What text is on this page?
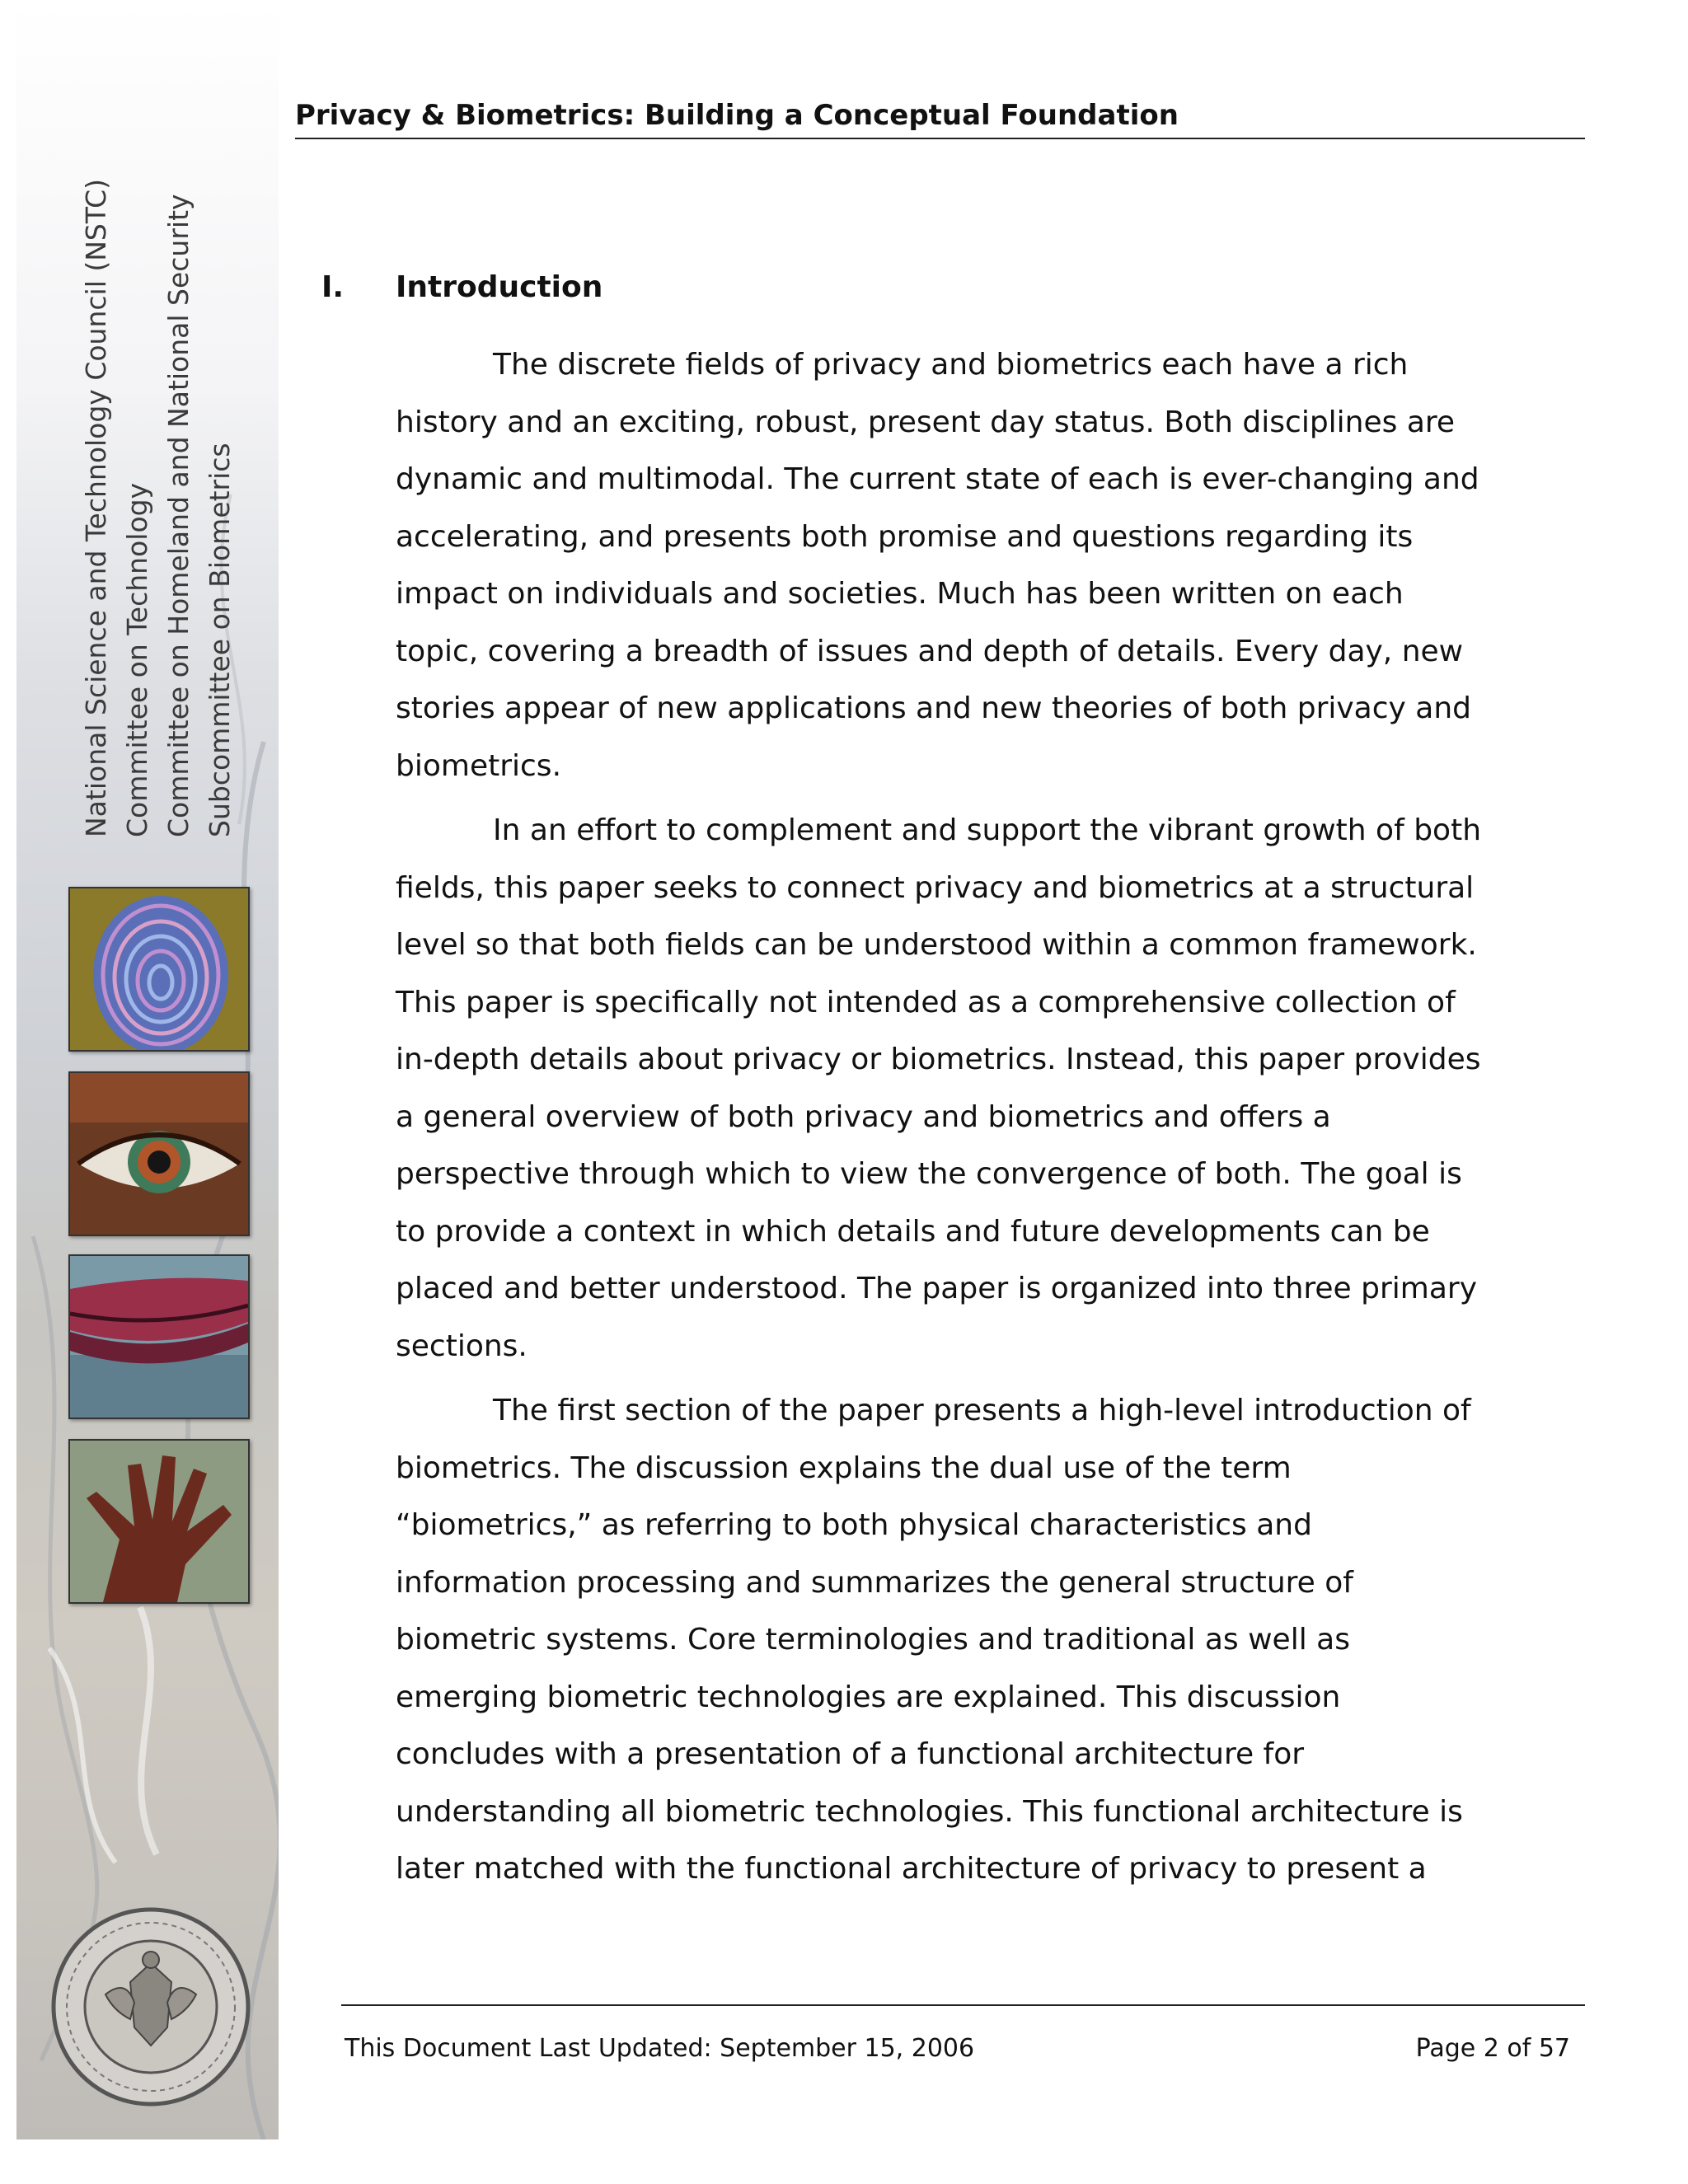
National Science and Technology Council (NSTC) Committee on Technology Committee on Homeland and National Security Subcommittee on Biometrics

Privacy & Biometrics: Building a Conceptual Foundation
I.	Introduction

The discrete fields of privacy and biometrics each have a rich history and an exciting, robust, present day status. Both disciplines are dynamic and multimodal. The current state of each is ever-changing and accelerating, and presents both promise and questions regarding its impact on individuals and societies. Much has been written on each topic, covering a breadth of issues and depth of details. Every day, new stories appear of new applications and new theories of both privacy and biometrics.

In an effort to complement and support the vibrant growth of both fields, this paper seeks to connect privacy and biometrics at a structural level so that both fields can be understood within a common framework. This paper is specifically not intended as a comprehensive collection of in-depth details about privacy or biometrics. Instead, this paper provides a general overview of both privacy and biometrics and offers a perspective through which to view the convergence of both. The goal is to provide a context in which details and future developments can be placed and better understood. The paper is organized into three primary sections.

The first section of the paper presents a high-level introduction of biometrics. The discussion explains the dual use of the term “biometrics,” as referring to both physical characteristics and information processing and summarizes the general structure of biometric systems. Core terminologies and traditional as well as emerging biometric technologies are explained. This discussion concludes with a presentation of a functional architecture for understanding all biometric technologies. This functional architecture is later matched with the functional architecture of privacy to present a

This Document Last Updated: September 15, 2006	Page 2 of 57
